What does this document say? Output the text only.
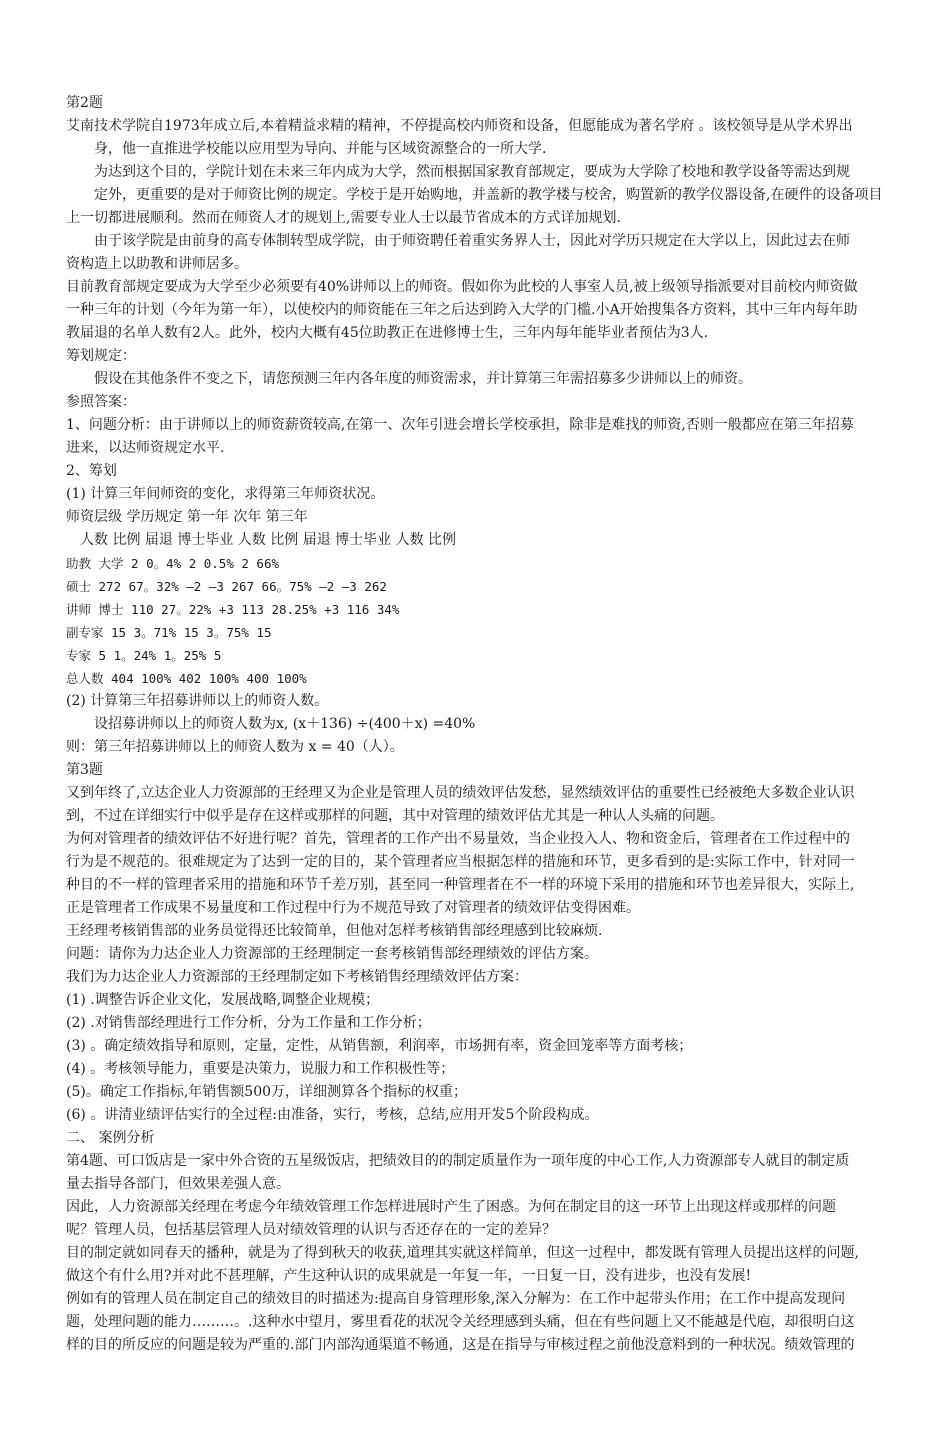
第2题
艾南技术学院自1973年成立后,本着精益求精的精神，不停提高校内师资和设备，但愿能成为著名学府 。该校领导是从学术界出
身，他一直推进学校能以应用型为导向、并能与区域资源整合的一所大学.
为达到这个目的，学院计划在未来三年内成为大学，然而根据国家教育部规定，要成为大学除了校地和教学设备等需达到规
定外，更重要的是对于师资比例的规定。学校于是开始购地，并盖新的教学楼与校舍，购置新的教学仪器设备,在硬件的设备项目
上一切都进展顺利。然而在师资人才的规划上,需要专业人士以最节省成本的方式详加规划.
由于该学院是由前身的高专体制转型成学院，由于师资聘任着重实务界人士，因此对学历只规定在大学以上，因此过去在师
资构造上以助教和讲师居多。
目前教育部规定要成为大学至少必须要有40%讲师以上的师资。假如你为此校的人事室人员,被上级领导指派要对目前校内师资做
一种三年的计划（今年为第一年），以使校内的师资能在三年之后达到跨入大学的门槛.小A开始搜集各方资料，其中三年内每年助
教届退的名单人数有2人。此外，校内大概有45位助教正在进修博士生，三年内每年能毕业者预估为3人.
筹划规定：
假设在其他条件不变之下，请您预测三年内各年度的师资需求，并计算第三年需招募多少讲师以上的师资。
参照答案：
1、问题分析：由于讲师以上的师资薪资较高,在第一、次年引进会增长学校承担，除非是难找的师资,否则一般都应在第三年招募
进来，以达师资规定水平.
2、筹划
(1) 计算三年间师资的变化，求得第三年师资状况。
师资层级 学历规定 第一年 次年 第三年
人数 比例 届退 博士毕业 人数 比例 届退 博士毕业 人数 比例
助教 大学 2 0。4% 2 0.5% 2 66%
硕士 272 67。32% —2 —3 267 66。75% —2 —3 262
讲师 博士 110 27。22% +3 113 28.25% +3 116 34%
副专家 15 3。71% 15 3。75% 15
专家 5 1。24% 1。25% 5
总人数 404 100% 402 100% 400 100%
(2) 计算第三年招募讲师以上的师资人数。
设招募讲师以上的师资人数为x, (x＋136) ÷(400＋x) =40%
则：第三年招募讲师以上的师资人数为 x = 40（人）。
第3题
又到年终了,立达企业人力资源部的王经理又为企业是管理人员的绩效评估发愁，显然绩效评估的重要性已经被绝大多数企业认识
到，不过在详细实行中似乎是存在这样或那样的问题，其中对管理的绩效评估尤其是一种认人头痛的问题。
为何对管理者的绩效评估不好进行呢？首先，管理者的工作产出不易量效，当企业投入人、物和资金后，管理者在工作过程中的
行为是不规范的。很难规定为了达到一定的目的，某个管理者应当根据怎样的措施和环节，更多看到的是:实际工作中，针对同一
种目的不一样的管理者采用的措施和环节千差万别，甚至同一种管理者在不一样的环境下采用的措施和环节也差异很大，实际上,
正是管理者工作成果不易量度和工作过程中行为不规范导致了对管理者的绩效评估变得困难。
王经理考核销售部的业务员觉得还比较简单，但他对怎样考核销售部经理感到比较麻烦.
问题：请你为力达企业人力资源部的王经理制定一套考核销售部经理绩效的评估方案。
我们为力达企业人力资源部的王经理制定如下考核销售经理绩效评估方案：
(1) .调整告诉企业文化，发展战略,调整企业规模；
(2) .对销售部经理进行工作分析，分为工作量和工作分析；
(3) 。确定绩效指导和原则，定量，定性，从销售额，利润率，市场拥有率，资金回笼率等方面考核；
(4) 。考核领导能力，重要是决策力，说服力和工作积极性等；
(5)。确定工作指标,年销售额500万，详细测算各个指标的权重；
(6) 。讲清业绩评估实行的全过程:由准备，实行，考核，总结,应用开发5个阶段构成。
二、 案例分析
第4题、可口饭店是一家中外合资的五星级饭店，把绩效目的的制定质量作为一项年度的中心工作,人力资源部专人就目的制定质
量去指导各部门，但效果差强人意。
因此，人力资源部关经理在考虑今年绩效管理工作怎样进展时产生了困惑。为何在制定目的这一环节上出现这样或那样的问题
呢？管理人员，包括基层管理人员对绩效管理的认识与否还存在的一定的差异？
目的制定就如同春天的播种，就是为了得到秋天的收获,道理其实就这样简单，但这一过程中，都发既有管理人员提出这样的问题,
做这个有什么用?并对此不甚理解，产生这种认识的成果就是一年复一年，一日复一日，没有进步，也没有发展!
例如有的管理人员在制定自己的绩效目的时描述为:提高自身管理形象,深入分解为：在工作中起带头作用；在工作中提高发现问
题，处理问题的能力………。.这种水中望月，雾里看花的状况令关经理感到头痛，但在有些问题上又不能越是代庖，却很明白这
样的目的所反应的问题是较为严重的.部门内部沟通渠道不畅通，这是在指导与审核过程之前他没意料到的一种状况。绩效管理的
